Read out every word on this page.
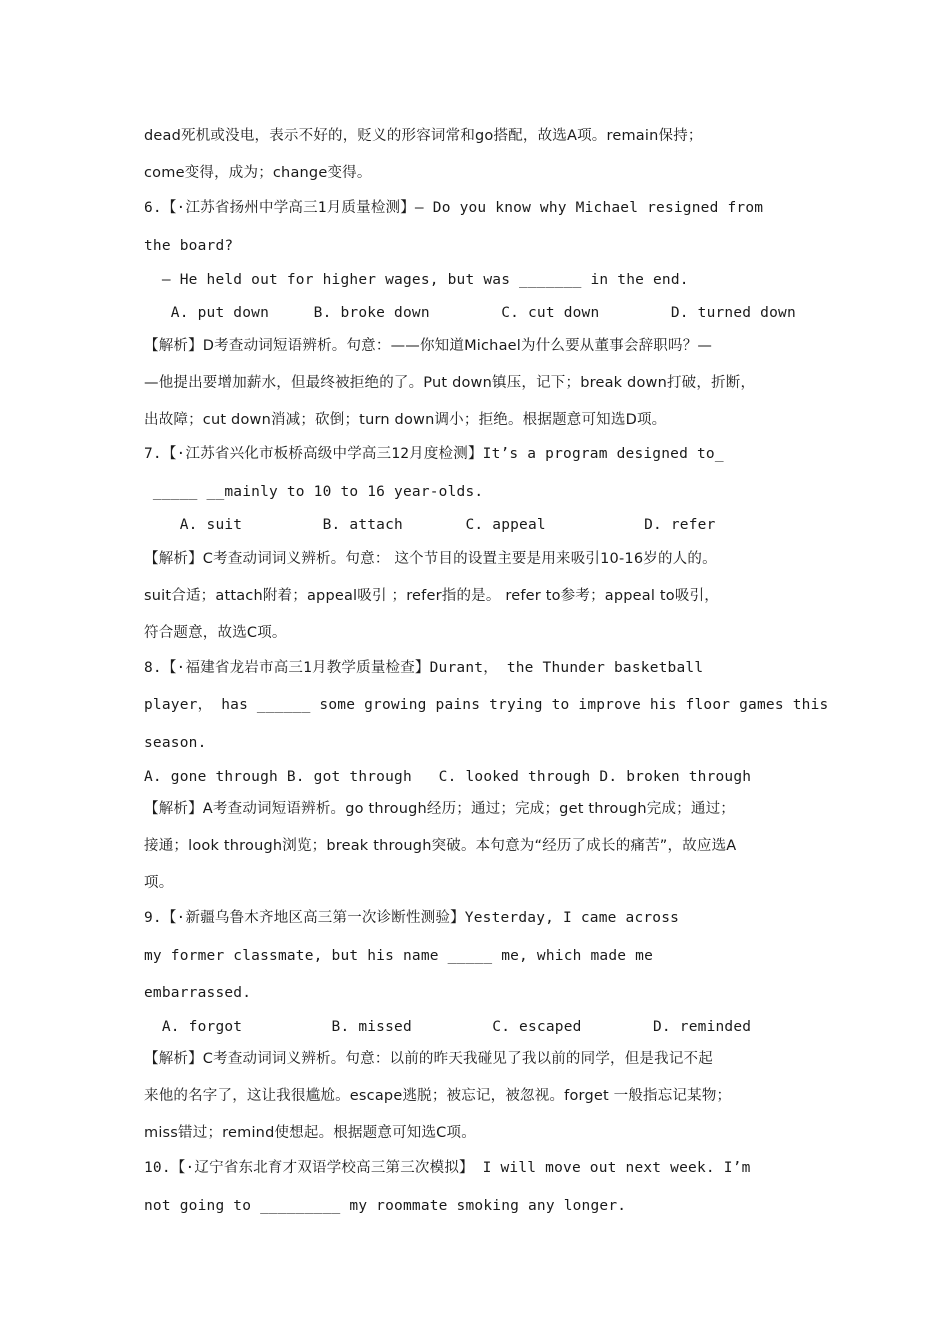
dead死机或没电，表示不好的，贬义的形容词常和go搭配，故选A项。remain保持；
come变得，成为；change变得。
6.【·江苏省扬州中学高三1月质量检测】— Do you know why Michael resigned from
the board?
— He held out for higher wages, but was _______ in the end.
A. put down     B. broke down        C. cut down        D. turned down
【解析】D考查动词短语辨析。句意：——你知道Michael为什么要从董事会辞职吗？—
—他提出要增加薪水，但最终被拒绝的了。Put down镇压，记下；break down打破，折断，
出故障；cut down消减；砍倒；turn down调小；拒绝。根据题意可知选D项。
7.【·江苏省兴化市板桥高级中学高三12月度检测】It’s a program designed to_
_____ __mainly to 10 to 16 year-olds.
A. suit         B. attach       C. appeal           D. refer
【解析】C考查动词词义辨析。句意： 这个节目的设置主要是用来吸引10-16岁的人的。
suit合适；attach附着；appeal吸引 ；refer指的是。 refer to参考；appeal to吸引，
符合题意，故选C项。
8.【·福建省龙岩市高三1月教学质量检查】Durant， the Thunder basketball
player， has ______ some growing pains trying to improve his floor games this
season.
A. gone through B. got through   C. looked through D. broken through
【解析】A考查动词短语辨析。go through经历；通过；完成；get through完成；通过；
接通；look through浏览；break through突破。本句意为“经历了成长的痛苦”，故应选A
项。
9.【·新疆乌鲁木齐地区高三第一次诊断性测验】Yesterday, I came across
my former classmate, but his name _____ me, which made me
embarrassed.
A. forgot          B. missed         C. escaped        D. reminded
【解析】C考查动词词义辨析。句意：以前的昨天我碰见了我以前的同学，但是我记不起
来他的名字了，这让我很尴尬。escape逃脱；被忘记，被忽视。forget 一般指忘记某物；
miss错过；remind使想起。根据题意可知选C项。
10.【·辽宁省东北育才双语学校高三第三次模拟】 I will move out next week. I’m
not going to _________ my roommate smoking any longer.
